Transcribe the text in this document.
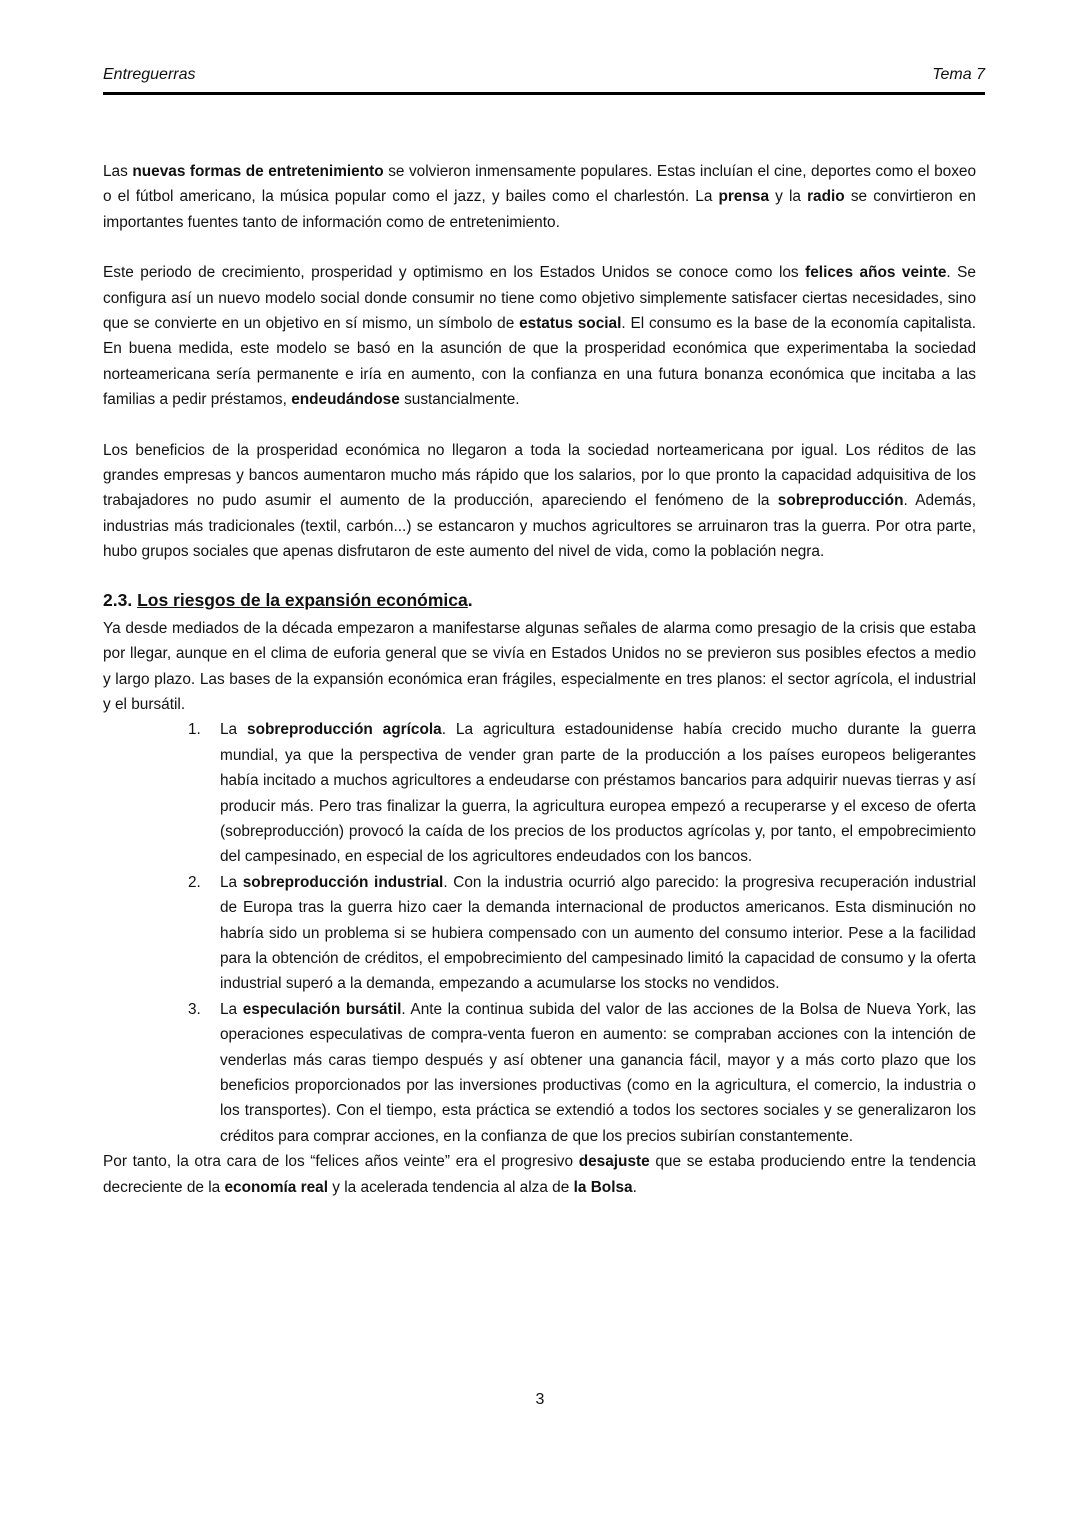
Entreguerras	Tema 7

Las nuevas formas de entretenimiento se volvieron inmensamente populares. Estas incluían el cine, deportes como el boxeo o el fútbol americano, la música popular como el jazz, y bailes como el charlestón. La prensa y la radio se convirtieron en importantes fuentes tanto de información como de entretenimiento.

Este periodo de crecimiento, prosperidad y optimismo en los Estados Unidos se conoce como los felices años veinte. Se configura así un nuevo modelo social donde consumir no tiene como objetivo simplemente satisfacer ciertas necesidades, sino que se convierte en un objetivo en sí mismo, un símbolo de estatus social. El consumo es la base de la economía capitalista. En buena medida, este modelo se basó en la asunción de que la prosperidad económica que experimentaba la sociedad norteamericana sería permanente e iría en aumento, con la confianza en una futura bonanza económica que incitaba a las familias a pedir préstamos, endeudándose sustancialmente.

Los beneficios de la prosperidad económica no llegaron a toda la sociedad norteamericana por igual. Los réditos de las grandes empresas y bancos aumentaron mucho más rápido que los salarios, por lo que pronto la capacidad adquisitiva de los trabajadores no pudo asumir el aumento de la producción, apareciendo el fenómeno de la sobreproducción. Además, industrias más tradicionales (textil, carbón...) se estancaron y muchos agricultores se arruinaron tras la guerra. Por otra parte, hubo grupos sociales que apenas disfrutaron de este aumento del nivel de vida, como la población negra.

2.3. Los riesgos de la expansión económica.

Ya desde mediados de la década empezaron a manifestarse algunas señales de alarma como presagio de la crisis que estaba por llegar, aunque en el clima de euforia general que se vivía en Estados Unidos no se previeron sus posibles efectos a medio y largo plazo. Las bases de la expansión económica eran frágiles, especialmente en tres planos: el sector agrícola, el industrial y el bursátil.

1. La sobreproducción agrícola. La agricultura estadounidense había crecido mucho durante la guerra mundial, ya que la perspectiva de vender gran parte de la producción a los países europeos beligerantes había incitado a muchos agricultores a endeudarse con préstamos bancarios para adquirir nuevas tierras y así producir más. Pero tras finalizar la guerra, la agricultura europea empezó a recuperarse y el exceso de oferta (sobreproducción) provocó la caída de los precios de los productos agrícolas y, por tanto, el empobrecimiento del campesinado, en especial de los agricultores endeudados con los bancos.
2. La sobreproducción industrial. Con la industria ocurrió algo parecido: la progresiva recuperación industrial de Europa tras la guerra hizo caer la demanda internacional de productos americanos. Esta disminución no habría sido un problema si se hubiera compensado con un aumento del consumo interior. Pese a la facilidad para la obtención de créditos, el empobrecimiento del campesinado limitó la capacidad de consumo y la oferta industrial superó a la demanda, empezando a acumularse los stocks no vendidos.
3. La especulación bursátil. Ante la continua subida del valor de las acciones de la Bolsa de Nueva York, las operaciones especulativas de compra-venta fueron en aumento: se compraban acciones con la intención de venderlas más caras tiempo después y así obtener una ganancia fácil, mayor y a más corto plazo que los beneficios proporcionados por las inversiones productivas (como en la agricultura, el comercio, la industria o los transportes). Con el tiempo, esta práctica se extendió a todos los sectores sociales y se generalizaron los créditos para comprar acciones, en la confianza de que los precios subirían constantemente.

Por tanto, la otra cara de los “felices años veinte” era el progresivo desajuste que se estaba produciendo entre la tendencia decreciente de la economía real y la acelerada tendencia al alza de la Bolsa.

3
